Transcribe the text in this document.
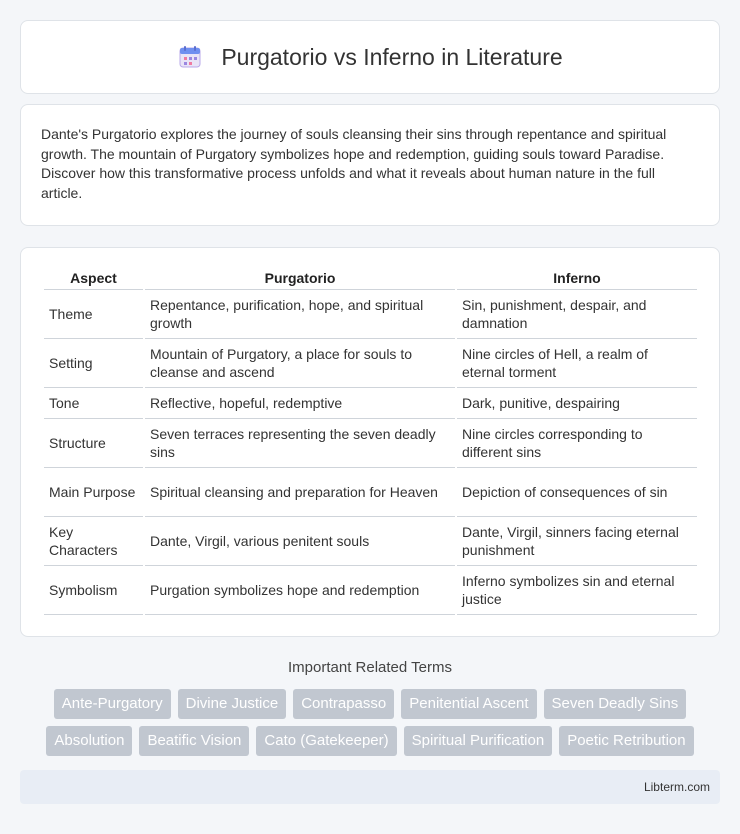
Purgatorio vs Inferno in Literature

Dante's Purgatorio explores the journey of souls cleansing their sins through repentance and spiritual growth. The mountain of Purgatory symbolizes hope and redemption, guiding souls toward Paradise. Discover how this transformative process unfolds and what it reveals about human nature in the full article.

Aspect	Purgatorio	Inferno
Theme	Repentance, purification, hope, and spiritual growth	Sin, punishment, despair, and damnation
Setting	Mountain of Purgatory, a place for souls to cleanse and ascend	Nine circles of Hell, a realm of eternal torment
Tone	Reflective, hopeful, redemptive	Dark, punitive, despairing
Structure	Seven terraces representing the seven deadly sins	Nine circles corresponding to different sins
Main Purpose	Spiritual cleansing and preparation for Heaven	Depiction of consequences of sin
Key Characters	Dante, Virgil, various penitent souls	Dante, Virgil, sinners facing eternal punishment
Symbolism	Purgation symbolizes hope and redemption	Inferno symbolizes sin and eternal justice
Important Related Terms
Ante-Purgatory	Divine Justice	Contrapasso	Penitential Ascent	Seven Deadly Sins
Absolution	Beatific Vision	Cato (Gatekeeper)	Spiritual Purification	Poetic Retribution
Libterm.com
